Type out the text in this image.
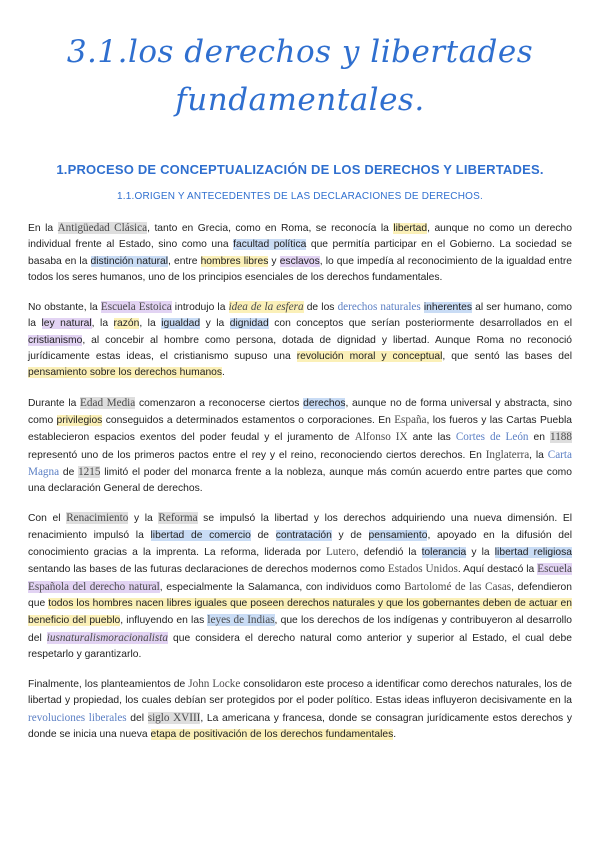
3.1.los derechos y libertades
fundamentales.
1.PROCESO DE CONCEPTUALIZACIÓN DE LOS DERECHOS Y LIBERTADES.
1.1.ORIGEN Y ANTECEDENTES DE LAS DECLARACIONES DE DERECHOS.

En la Antigüedad Clásica, tanto en Grecia, como en Roma, se reconocía la libertad, aunque no como un derecho individual frente al Estado, sino como una facultad política que permitía participar en el Gobierno. La sociedad se basaba en la distinción natural, entre hombres libres y esclavos, lo que impedía al reconocimiento de la igualdad entre todos los seres humanos, uno de los principios esenciales de los derechos fundamentales.

No obstante, la Escuela Estoica introdujo la idea de la esfera de los derechos naturales inherentes al ser humano, como la ley natural, la razón, la igualdad y la dignidad con conceptos que serían posteriormente desarrollados en el cristianismo, al concebir al hombre como persona, dotada de dignidad y libertad. Aunque Roma no reconoció jurídicamente estas ideas, el cristianismo supuso una revolución moral y conceptual, que sentó las bases del pensamiento sobre los derechos humanos.

Durante la Edad Media comenzaron a reconocerse ciertos derechos, aunque no de forma universal y abstracta, sino como privilegios conseguidos a determinados estamentos o corporaciones. En España, los fueros y las Cartas Puebla establecieron espacios exentos del poder feudal y el juramento de Alfonso IX ante las Cortes de León en 1188 representó uno de los primeros pactos entre el rey y el reino, reconociendo ciertos derechos. En Inglaterra, la Carta Magna de 1215 limitó el poder del monarca frente a la nobleza, aunque más común acuerdo entre partes que como una declaración General de derechos.

Con el Renacimiento y la Reforma se impulsó la libertad y los derechos adquiriendo una nueva dimensión. El renacimiento impulsó la libertad de comercio de contratación y de pensamiento, apoyado en la difusión del conocimiento gracias a la imprenta. La reforma, liderada por Lutero, defendió la tolerancia y la libertad religiosa sentando las bases de las futuras declaraciones de derechos modernos como Estados Unidos. Aquí destacó la Escuela Española del derecho natural, especialmente la Salamanca, con individuos como Bartolomé de las Casas, defendieron que todos los hombres nacen libres iguales que poseen derechos naturales y que los gobernantes deben de actuar en beneficio del pueblo, influyendo en las leyes de Indias, que los derechos de los indígenas y contribuyeron al desarrollo del iusnaturalismoracionalista que considera el derecho natural como anterior y superior al Estado, el cual debe respetarlo y garantizarlo.

Finalmente, los planteamientos de John Locke consolidaron este proceso a identificar como derechos naturales, los de libertad y propiedad, los cuales debían ser protegidos por el poder político. Estas ideas influyeron decisivamente en la revoluciones liberales del siglo XVIII, La americana y francesa, donde se consagran jurídicamente estos derechos y donde se inicia una nueva etapa de positivación de los derechos fundamentales.
